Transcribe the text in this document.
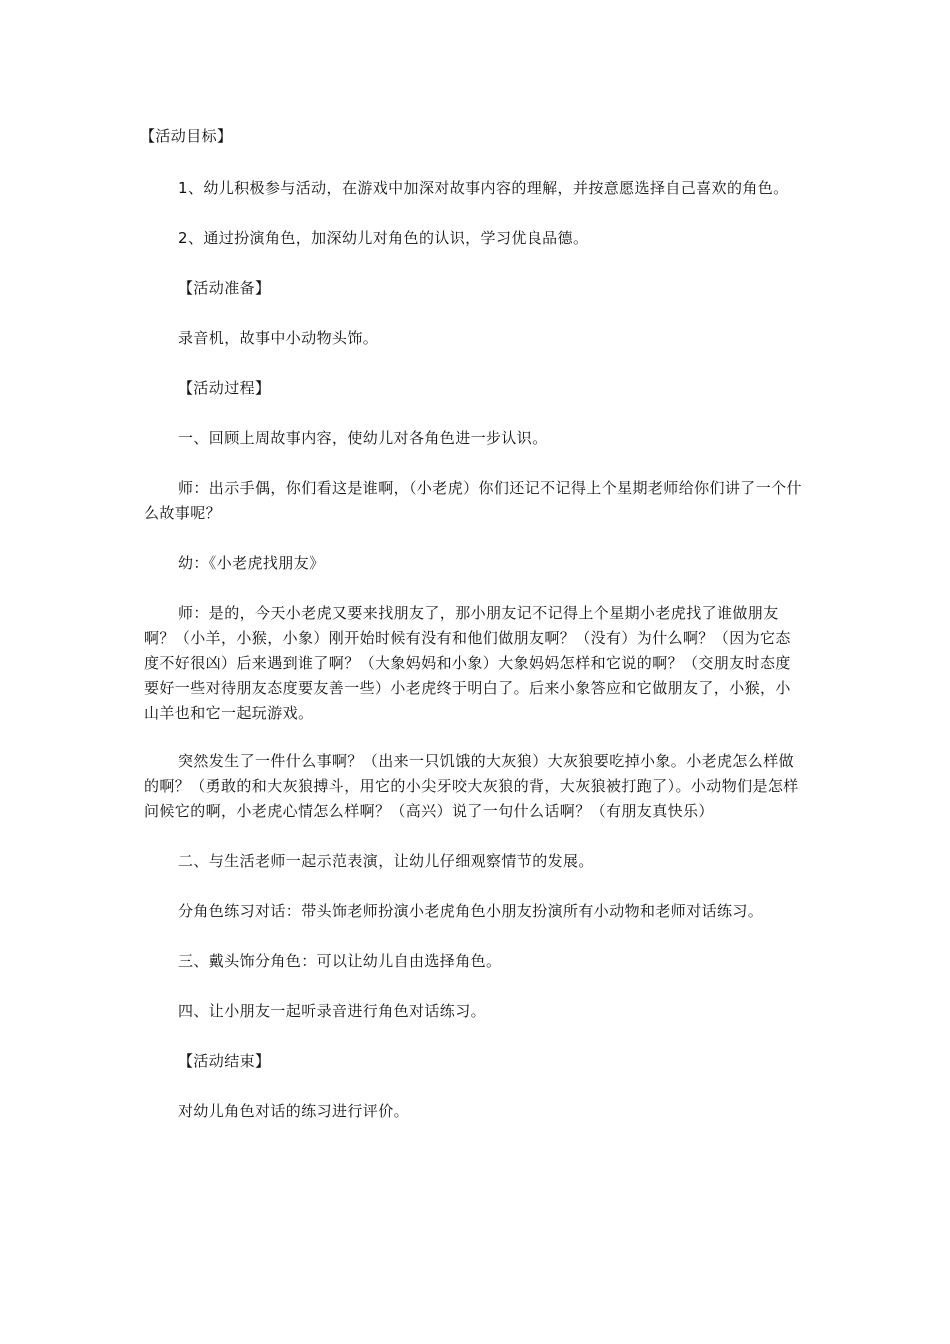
【活动目标】

1、幼儿积极参与活动，在游戏中加深对故事内容的理解，并按意愿选择自己喜欢的角色。

2、通过扮演角色，加深幼儿对角色的认识，学习优良品德。

【活动准备】

录音机，故事中小动物头饰。

【活动过程】

一、回顾上周故事内容，使幼儿对各角色进一步认识。

师：出示手偶，你们看这是谁啊，（小老虎）你们还记不记得上个星期老师给你们讲了一个什么故事呢？

幼：《小老虎找朋友》

师：是的，今天小老虎又要来找朋友了，那小朋友记不记得上个星期小老虎找了谁做朋友啊？（小羊，小猴，小象）刚开始时候有没有和他们做朋友啊？（没有）为什么啊？（因为它态度不好很凶）后来遇到谁了啊？（大象妈妈和小象）大象妈妈怎样和它说的啊？（交朋友时态度要好一些对待朋友态度要友善一些）小老虎终于明白了。后来小象答应和它做朋友了，小猴，小山羊也和它一起玩游戏。

突然发生了一件什么事啊？（出来一只饥饿的大灰狼）大灰狼要吃掉小象。小老虎怎么样做的啊？（勇敢的和大灰狼搏斗，用它的小尖牙咬大灰狼的背，大灰狼被打跑了）。小动物们是怎样问候它的啊，小老虎心情怎么样啊？（高兴）说了一句什么话啊？（有朋友真快乐）

二、与生活老师一起示范表演，让幼儿仔细观察情节的发展。

分角色练习对话：带头饰老师扮演小老虎角色小朋友扮演所有小动物和老师对话练习。

三、戴头饰分角色：可以让幼儿自由选择角色。

四、让小朋友一起听录音进行角色对话练习。

【活动结束】

对幼儿角色对话的练习进行评价。
